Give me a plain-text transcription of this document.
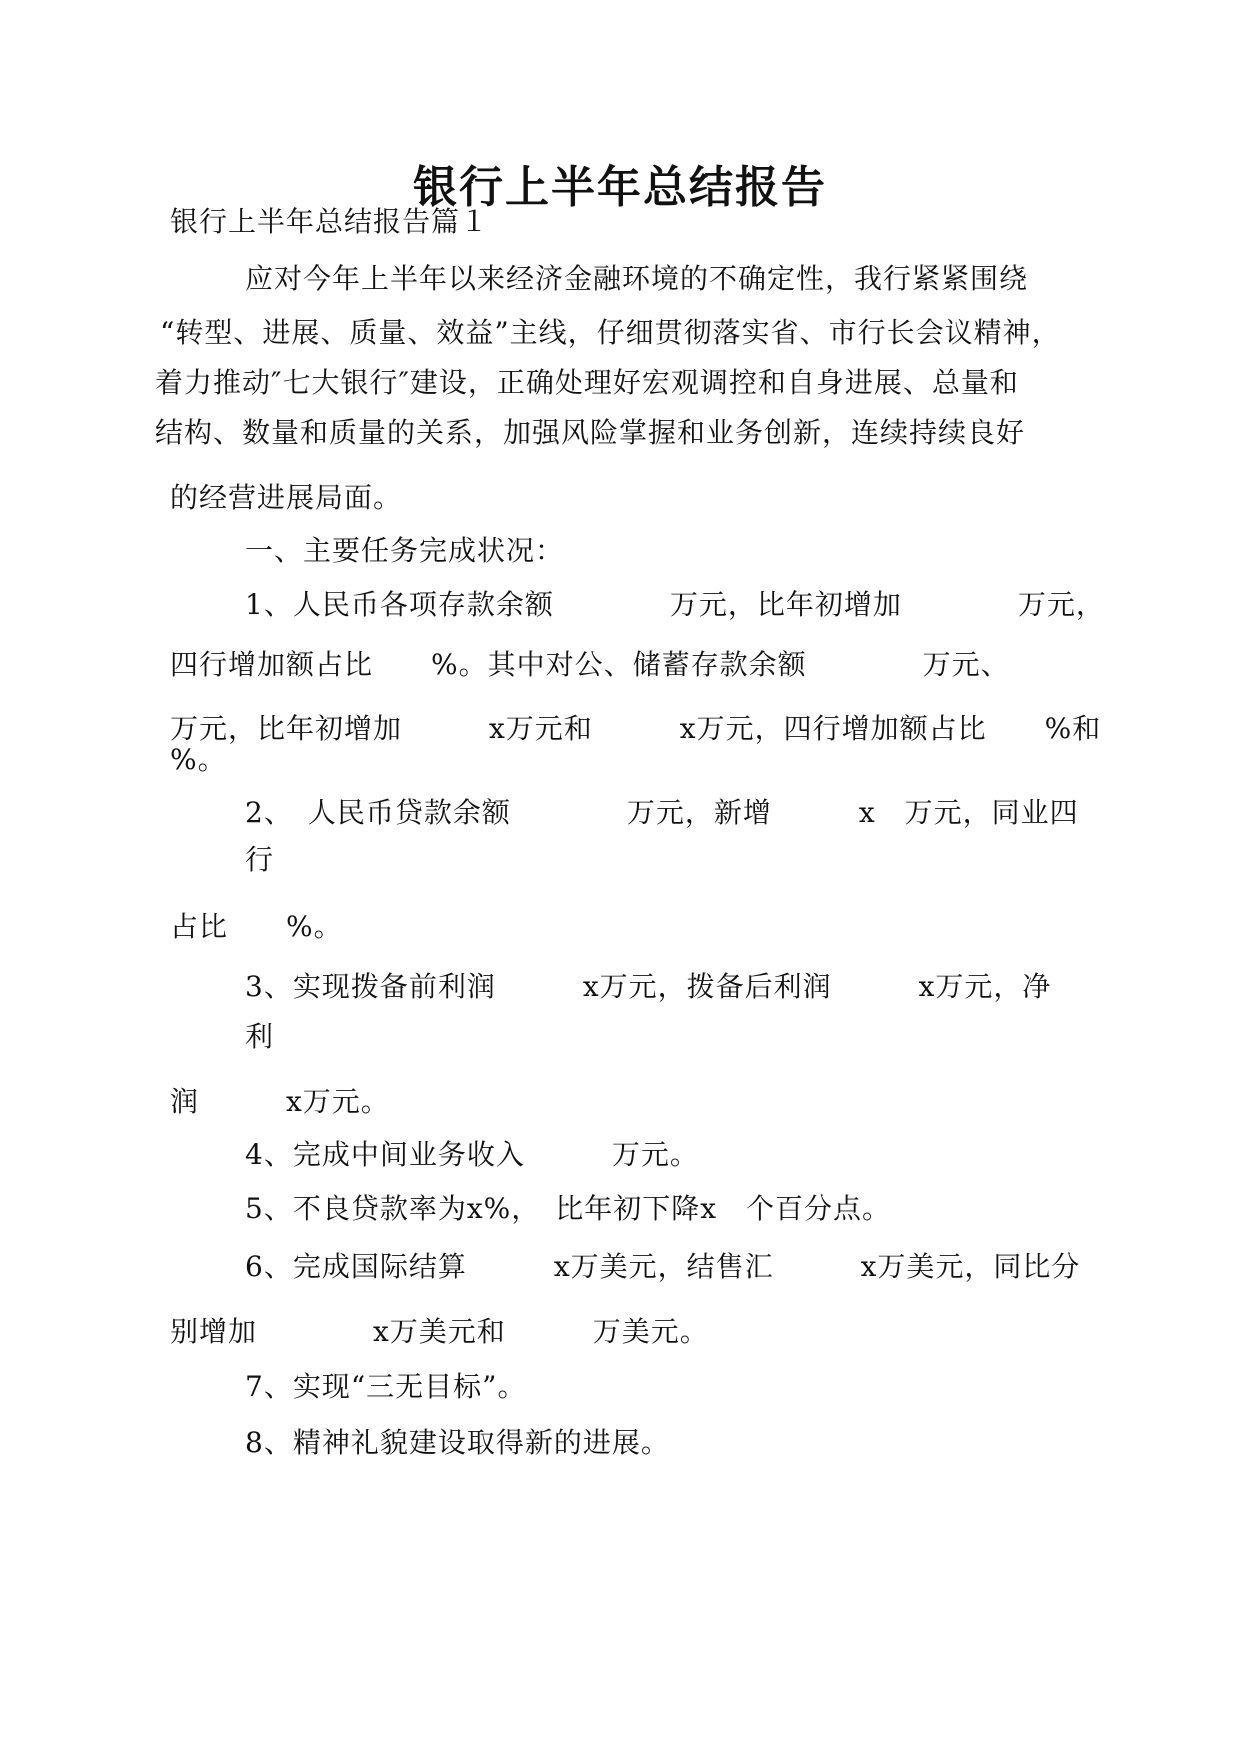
银行上半年总结报告
银行上半年总结报告篇１
应对今年上半年以来经济金融环境的不确定性，我行紧紧围绕
“转型、进展、质量、效益”主线，仔细贯彻落实省、市行长会议精神，
着力推动″七大银行″建设，正确处理好宏观调控和自身进展、总量和
结构、数量和质量的关系，加强风险掌握和业务创新，连续持续良好
的经营进展局面。
一、主要任务完成状况：
1、人民币各项存款余额　　　　万元，比年初增加　　　　万元，
四行增加额占比　　%。其中对公、储蓄存款余额　　　　万元、
万元，比年初增加　　　x万元和　　　x万元，四行增加额占比　　%和
%。
2、　人民币贷款余额　　　　万元，新增　　　x　万元，同业四
行
占比　　%。
3、实现拨备前利润　　　x万元，拨备后利润　　　x万元，净
利
润　　　x万元。
4、完成中间业务收入　　　万元。
5、不良贷款率为x%，　比年初下降x　个百分点。
6、完成国际结算　　　x万美元，结售汇　　　x万美元，同比分
别增加　　　　x万美元和　　　万美元。
7、实现“三无目标”。
8、精神礼貌建设取得新的进展。
